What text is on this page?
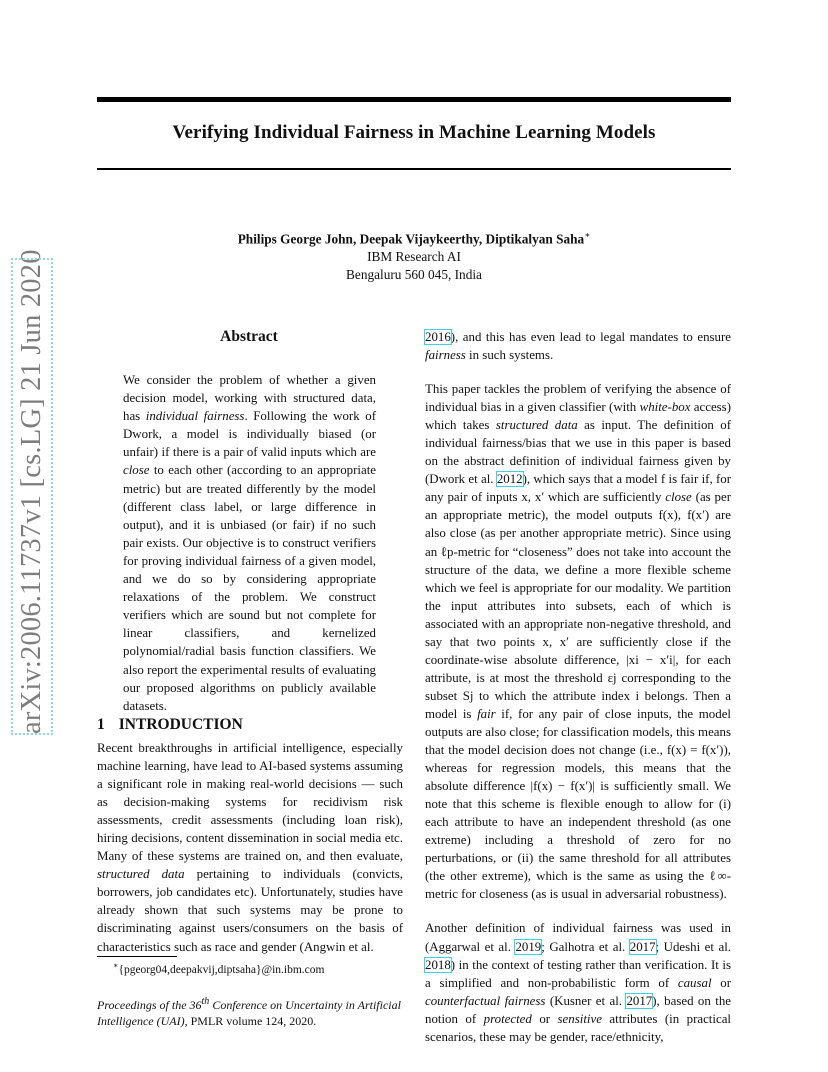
Verifying Individual Fairness in Machine Learning Models
Philips George John, Deepak Vijaykeerthy, Diptikalyan Saha∗
IBM Research AI
Bengaluru 560 045, India
arXiv:2006.11737v1 [cs.LG] 21 Jun 2020	Abstract
We consider the problem of whether a given decision model, working with structured data, has individual fairness. Following the work of Dwork, a model is individually biased (or unfair) if there is a pair of valid inputs which are close to each other (according to an appropriate metric) but are treated differently by the model (different class label, or large difference in output), and it is unbiased (or fair) if no such pair exists. Our objective is to construct verifiers for proving individual fairness of a given model, and we do so by considering appropriate relaxations of the problem. We construct verifiers which are sound but not complete for linear classifiers, and kernelized polynomial/radial basis function classifiers. We also report the experimental results of evaluating our proposed algorithms on publicly available datasets.
1 INTRODUCTION

Recent breakthroughs in artificial intelligence, especially machine learning, have lead to AI-based systems assuming a significant role in making real-world decisions — such as decision-making systems for recidivism risk assessments, credit assessments (including loan risk), hiring decisions, content dissemination in social media etc. Many of these systems are trained on, and then evaluate, structured data pertaining to individuals (convicts, borrowers, job candidates etc). Unfortunately, studies have already shown that such systems may be prone to discriminating against users/consumers on the basis of characteristics such as race and gender (Angwin et al.

2016), and this has even lead to legal mandates to ensure fairness in such systems.

This paper tackles the problem of verifying the absence of individual bias in a given classifier (with white-box access) which takes structured data as input. The definition of individual fairness/bias that we use in this paper is based on the abstract definition of individual fairness given by (Dwork et al. 2012), which says that a model f is fair if, for any pair of inputs x, x′ which are sufficiently close (as per an appropriate metric), the model outputs f(x), f(x′) are also close (as per another appropriate metric). Since using an ℓp-metric for “closeness” does not take into account the structure of the data, we define a more flexible scheme which we feel is appropriate for our modality. We partition the input attributes into subsets, each of which is associated with an appropriate non-negative threshold, and say that two points x, x′ are sufficiently close if the coordinate-wise absolute difference, |xi − x′i|, for each attribute, is at most the threshold εj corresponding to the subset Sj to which the attribute index i belongs. Then a model is fair if, for any pair of close inputs, the model outputs are also close; for classification models, this means that the model decision does not change (i.e., f(x) = f(x′)), whereas for regression models, this means that the absolute difference |f(x) − f(x′)| is sufficiently small. We note that this scheme is flexible enough to allow for (i) each attribute to have an independent threshold (as one extreme) including a threshold of zero for no perturbations, or (ii) the same threshold for all attributes (the other extreme), which is the same as using the ℓ∞-metric for closeness (as is usual in adversarial robustness).

Another definition of individual fairness was used in (Aggarwal et al. 2019; Galhotra et al. 2017; Udeshi et al. 2018) in the context of testing rather than verification. It is a simplified and non-probabilistic form of causal or counterfactual fairness (Kusner et al. 2017), based on the notion of protected or sensitive attributes (in practical scenarios, these may be gender, race/ethnicity,

∗{pgeorg04,deepakvij,diptsaha}@in.ibm.com
Proceedings of the 36th Conference on Uncertainty in Artificial Intelligence (UAI), PMLR volume 124, 2020.
